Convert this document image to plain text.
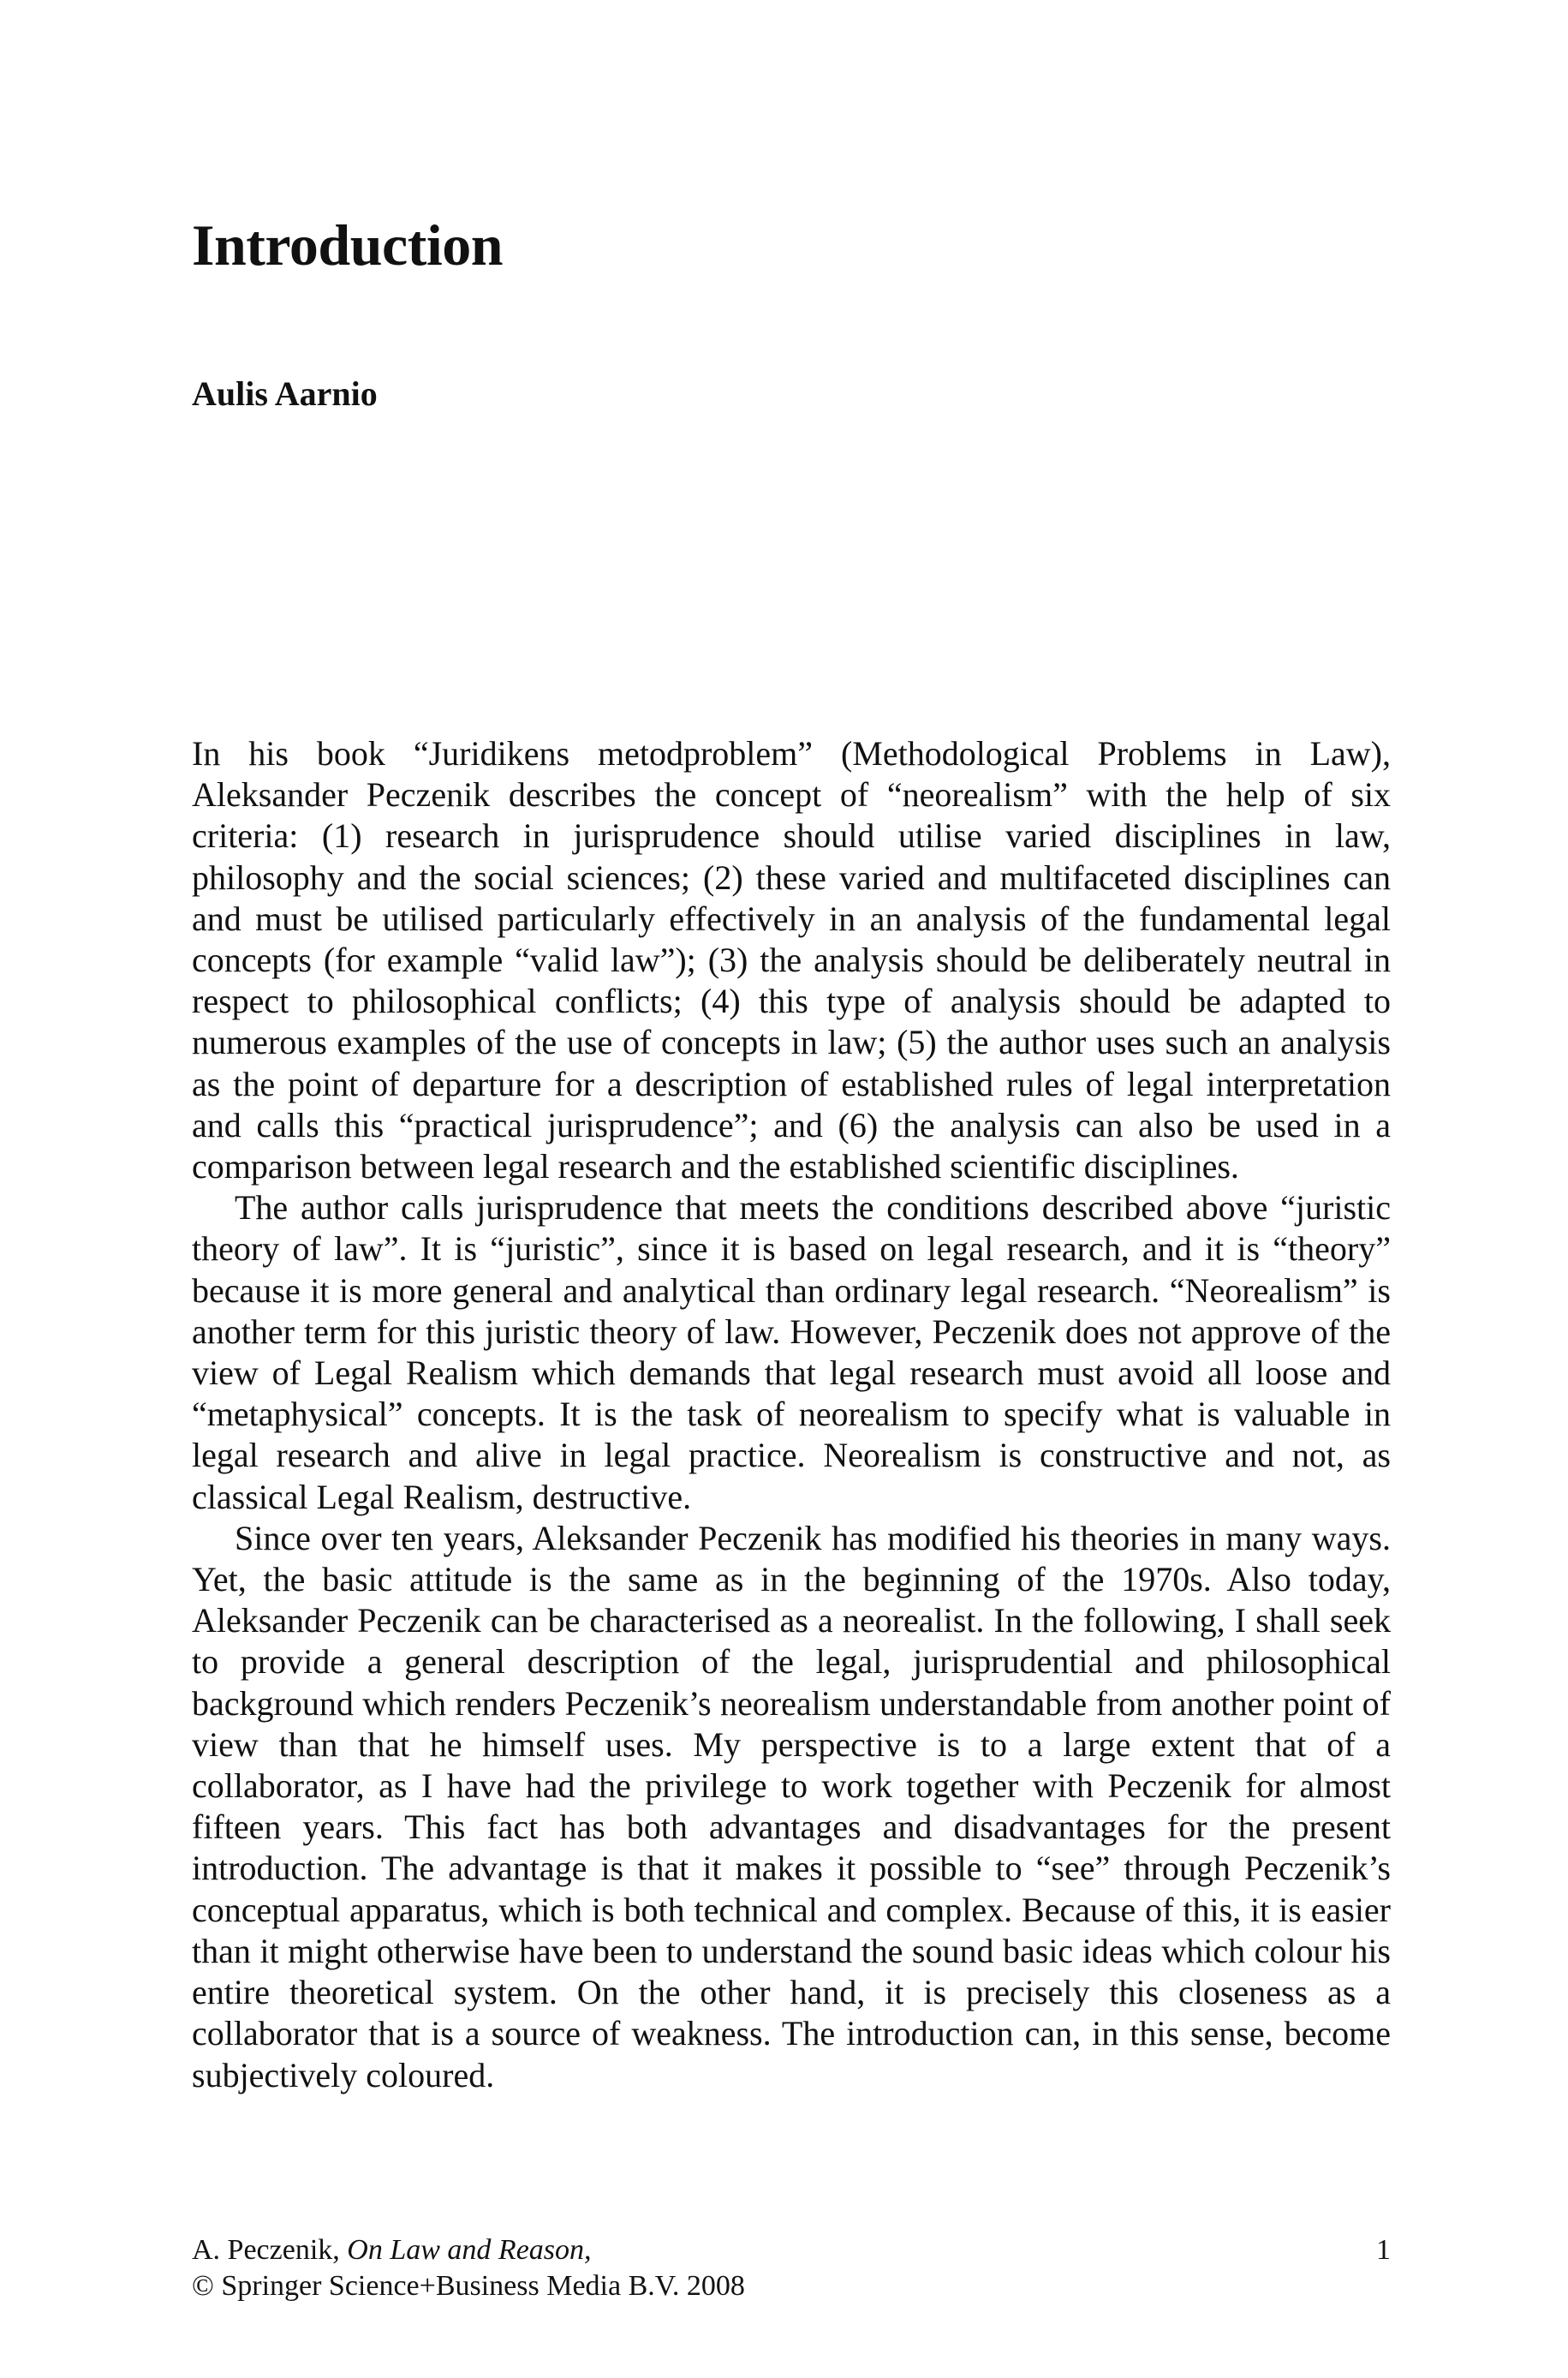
Introduction
Aulis Aarnio

In his book “Juridikens metodproblem” (Methodological Problems in Law), Aleksander Peczenik describes the concept of “neorealism” with the help of six criteria: (1) research in jurisprudence should utilise varied disciplines in law, philosophy and the social sciences; (2) these varied and multifaceted disciplines can and must be utilised particularly effectively in an analysis of the fundamental legal concepts (for example “valid law”); (3) the analysis should be deliberately neutral in respect to philosophical conflicts; (4) this type of analysis should be adapted to numerous examples of the use of concepts in law; (5) the author uses such an analysis as the point of departure for a description of established rules of legal interpretation and calls this “practical jurisprudence”; and (6) the analysis can also be used in a comparison between legal research and the established scientific disciplines.

The author calls jurisprudence that meets the conditions described above “juristic theory of law”. It is “juristic”, since it is based on legal research, and it is “theory” because it is more general and analytical than ordinary legal research. “Neorealism” is another term for this juristic theory of law. However, Peczenik does not approve of the view of Legal Realism which demands that legal research must avoid all loose and “metaphysical” concepts. It is the task of neorealism to specify what is valuable in legal research and alive in legal practice. Neorealism is constructive and not, as classical Legal Realism, destructive.

Since over ten years, Aleksander Peczenik has modified his theories in many ways. Yet, the basic attitude is the same as in the beginning of the 1970s. Also today, Aleksander Peczenik can be characterised as a neorealist. In the following, I shall seek to provide a general description of the legal, jurisprudential and philosophical background which renders Peczenik’s neorealism understandable from another point of view than that he himself uses. My perspective is to a large extent that of a collaborator, as I have had the privilege to work together with Peczenik for almost fifteen years. This fact has both advantages and disadvantages for the present introduction. The advantage is that it makes it possible to “see” through Peczenik’s conceptual apparatus, which is both technical and complex. Because of this, it is easier than it might otherwise have been to understand the sound basic ideas which colour his entire theoretical system. On the other hand, it is precisely this closeness as a collaborator that is a source of weakness. The introduction can, in this sense, become subjectively coloured.

A. Peczenik, On Law and Reason,
© Springer Science+Business Media B.V. 2008
1
